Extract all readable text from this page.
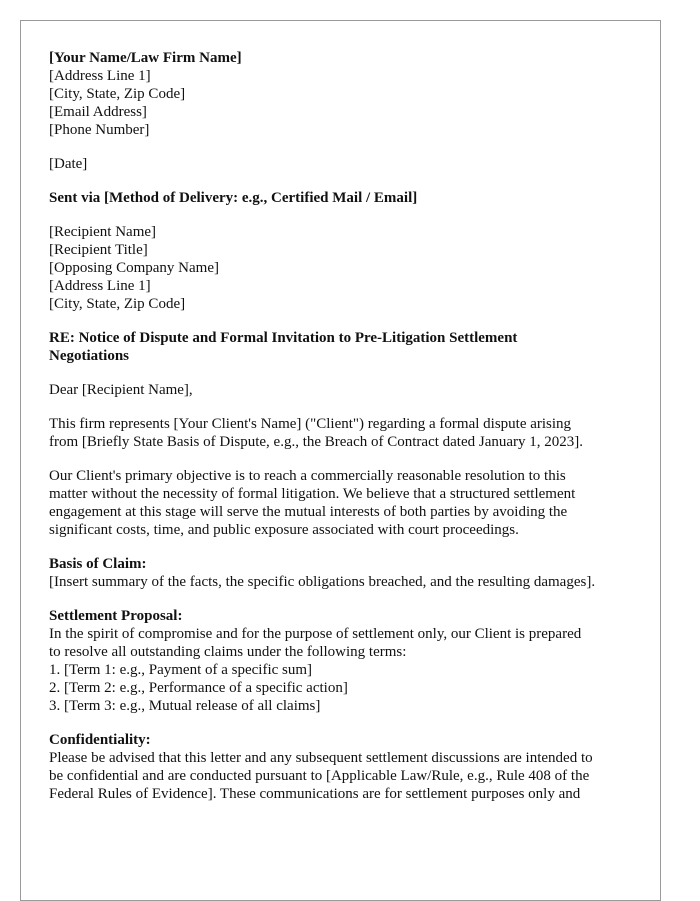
[Your Name/Law Firm Name]
[Address Line 1]
[City, State, Zip Code]
[Email Address]
[Phone Number]
[Date]
Sent via [Method of Delivery: e.g., Certified Mail / Email]
[Recipient Name]
[Recipient Title]
[Opposing Company Name]
[Address Line 1]
[City, State, Zip Code]
RE: Notice of Dispute and Formal Invitation to Pre-Litigation Settlement
Negotiations
Dear [Recipient Name],
This firm represents [Your Client's Name] ("Client") regarding a formal dispute arising
from [Briefly State Basis of Dispute, e.g., the Breach of Contract dated January 1, 2023].
Our Client's primary objective is to reach a commercially reasonable resolution to this
matter without the necessity of formal litigation. We believe that a structured settlement
engagement at this stage will serve the mutual interests of both parties by avoiding the
significant costs, time, and public exposure associated with court proceedings.
Basis of Claim:
[Insert summary of the facts, the specific obligations breached, and the resulting damages].
Settlement Proposal:
In the spirit of compromise and for the purpose of settlement only, our Client is prepared
to resolve all outstanding claims under the following terms:
1. [Term 1: e.g., Payment of a specific sum]
2. [Term 2: e.g., Performance of a specific action]
3. [Term 3: e.g., Mutual release of all claims]
Confidentiality:
Please be advised that this letter and any subsequent settlement discussions are intended to
be confidential and are conducted pursuant to [Applicable Law/Rule, e.g., Rule 408 of the
Federal Rules of Evidence]. These communications are for settlement purposes only and
